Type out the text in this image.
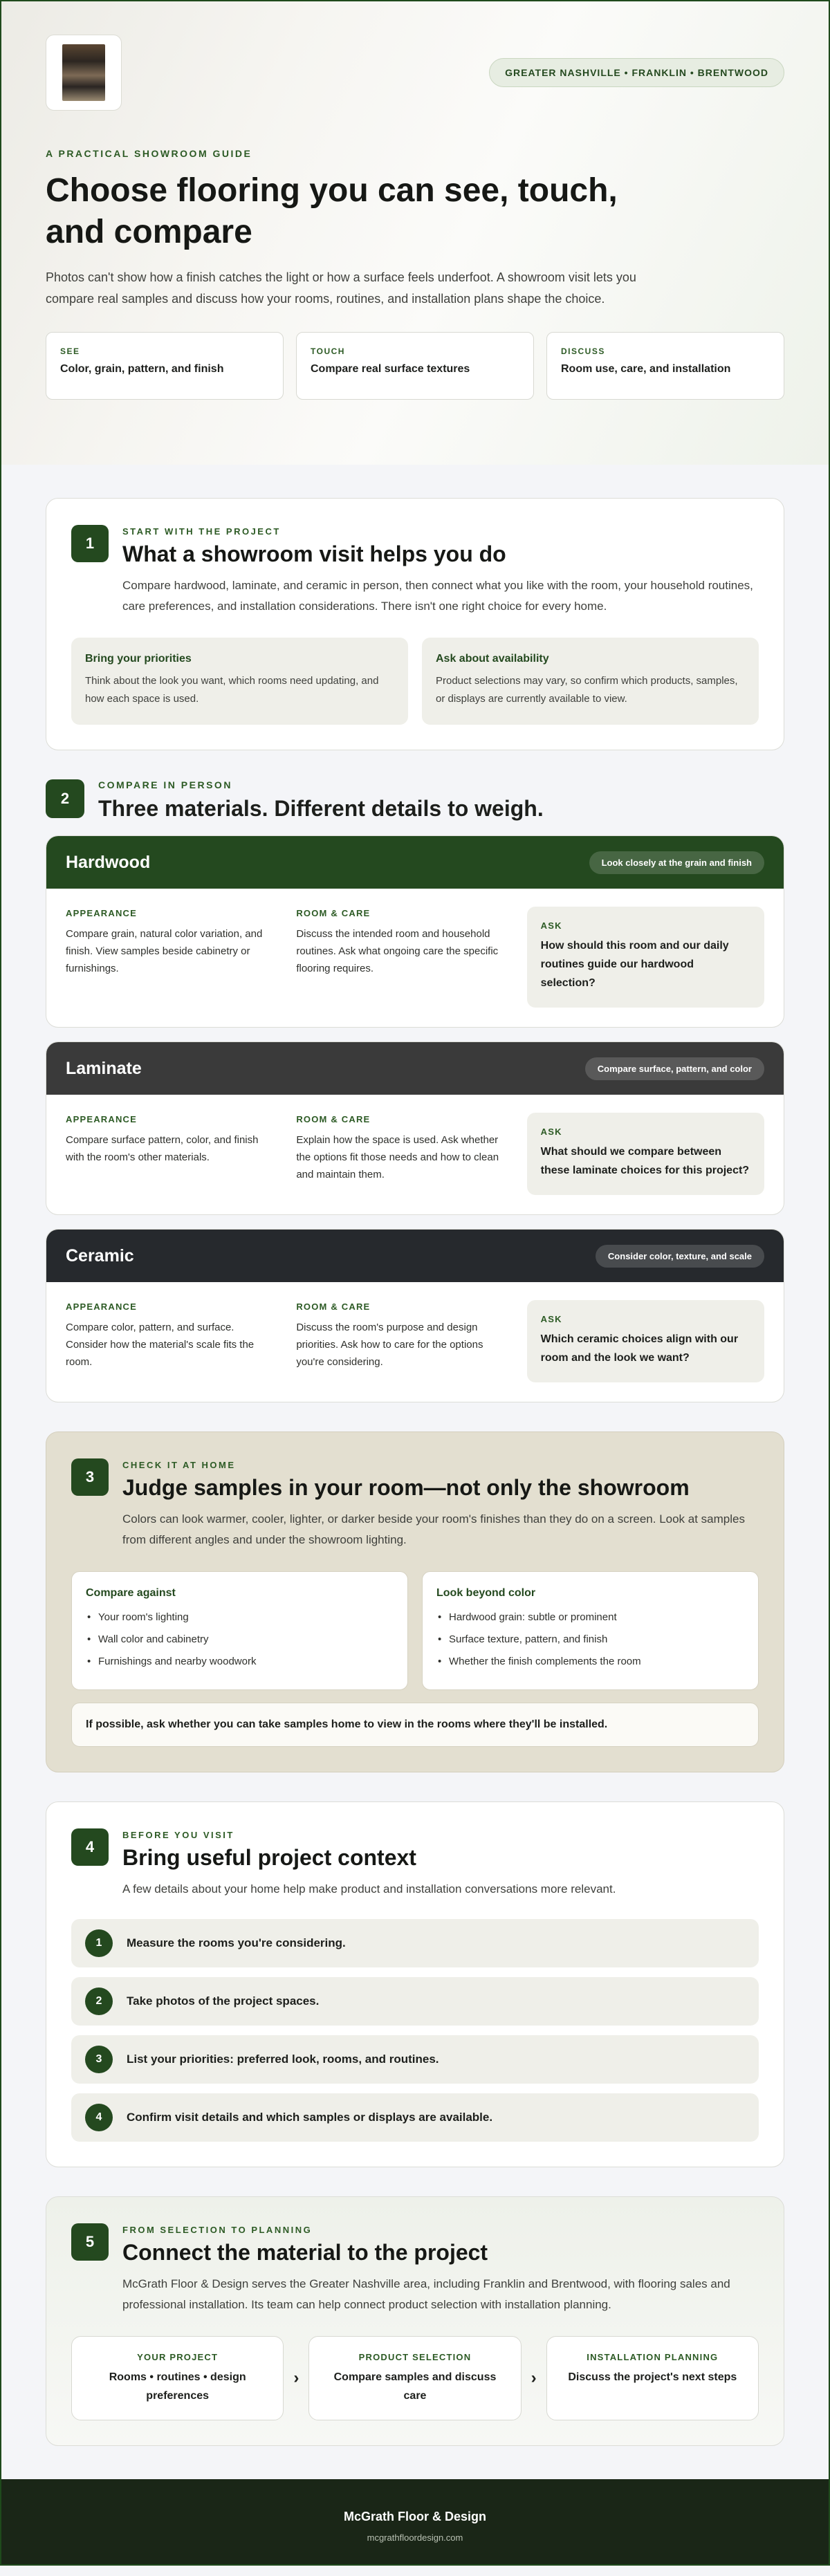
GREATER NASHVILLE • FRANKLIN • BRENTWOOD
A PRACTICAL SHOWROOM GUIDE
Choose flooring you can see, touch, and compare

Photos can't show how a finish catches the light or how a surface feels underfoot. A showroom visit lets you compare real samples and discuss how your rooms, routines, and installation plans shape the choice.

SEE
Color, grain, pattern, and finish
TOUCH
Compare real surface textures
DISCUSS
Room use, care, and installation
1
START WITH THE PROJECT
What a showroom visit helps you do

Compare hardwood, laminate, and ceramic in person, then connect what you like with the room, your household routines, care preferences, and installation considerations. There isn't one right choice for every home.

Bring your priorities

Think about the look you want, which rooms need updating, and how each space is used.

Ask about availability

Product selections may vary, so confirm which products, samples, or displays are currently available to view.

2
COMPARE IN PERSON
Three materials. Different details to weigh.
Hardwood	Look closely at the grain and finish
APPEARANCE

Compare grain, natural color variation, and finish. View samples beside cabinetry or furnishings.

ROOM & CARE

Discuss the intended room and household routines. Ask what ongoing care the specific flooring requires.

ASK

How should this room and our daily routines guide our hardwood selection?

Laminate	Compare surface, pattern, and color
APPEARANCE

Compare surface pattern, color, and finish with the room's other materials.

ROOM & CARE

Explain how the space is used. Ask whether the options fit those needs and how to clean and maintain them.

ASK

What should we compare between these laminate choices for this project?

Ceramic	Consider color, texture, and scale
APPEARANCE

Compare color, pattern, and surface. Consider how the material's scale fits the room.

ROOM & CARE

Discuss the room's purpose and design priorities. Ask how to care for the options you're considering.

ASK

Which ceramic choices align with our room and the look we want?

3
CHECK IT AT HOME
Judge samples in your room—not only the showroom

Colors can look warmer, cooler, lighter, or darker beside your room's finishes than they do on a screen. Look at samples from different angles and under the showroom lighting.

Compare against
• Your room's lighting
• Wall color and cabinetry
• Furnishings and nearby woodwork
Look beyond color
• Hardwood grain: subtle or prominent
• Surface texture, pattern, and finish
• Whether the finish complements the room
If possible, ask whether you can take samples home to view in the rooms where they'll be installed.
4
BEFORE YOU VISIT
Bring useful project context

A few details about your home help make product and installation conversations more relevant.

1	Measure the rooms you're considering.
2	Take photos of the project spaces.
3	List your priorities: preferred look, rooms, and routines.
4	Confirm visit details and which samples or displays are available.
5
FROM SELECTION TO PLANNING
Connect the material to the project

McGrath Floor & Design serves the Greater Nashville area, including Franklin and Brentwood, with flooring sales and professional installation. Its team can help connect product selection with installation planning.

YOUR PROJECT
Rooms • routines • design preferences
›
PRODUCT SELECTION
Compare samples and discuss care
›
INSTALLATION PLANNING
Discuss the project's next steps
McGrath Floor & Design
mcgrathfloordesign.com
